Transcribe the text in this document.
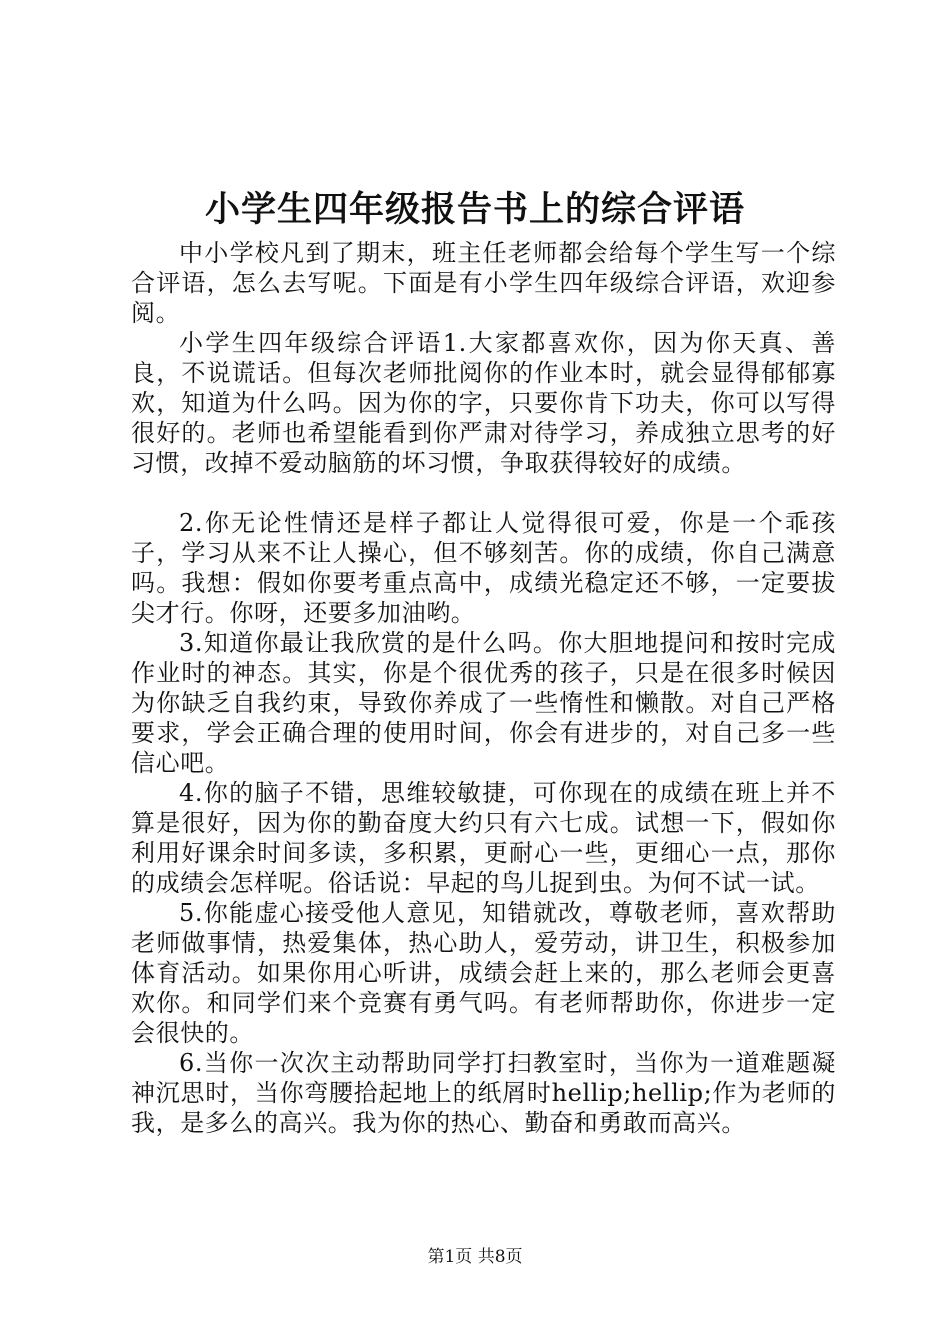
小学生四年级报告书上的综合评语

中小学校凡到了期末，班主任老师都会给每个学生写一个综合评语，怎么去写呢。下面是有小学生四年级综合评语，欢迎参阅。

小学生四年级综合评语1.大家都喜欢你，因为你天真、善良，不说谎话。但每次老师批阅你的作业本时，就会显得郁郁寡欢，知道为什么吗。因为你的字，只要你肯下功夫，你可以写得很好的。老师也希望能看到你严肃对待学习，养成独立思考的好习惯，改掉不爱动脑筋的坏习惯，争取获得较好的成绩。

2.你无论性情还是样子都让人觉得很可爱，你是一个乖孩子，学习从来不让人操心，但不够刻苦。你的成绩，你自己满意吗。我想：假如你要考重点高中，成绩光稳定还不够，一定要拔尖才行。你呀，还要多加油哟。

3.知道你最让我欣赏的是什么吗。你大胆地提问和按时完成作业时的神态。其实，你是个很优秀的孩子，只是在很多时候因为你缺乏自我约束，导致你养成了一些惰性和懒散。对自己严格要求，学会正确合理的使用时间，你会有进步的，对自己多一些信心吧。

4.你的脑子不错，思维较敏捷，可你现在的成绩在班上并不算是很好，因为你的勤奋度大约只有六七成。试想一下，假如你利用好课余时间多读，多积累，更耐心一些，更细心一点，那你的成绩会怎样呢。俗话说：早起的鸟儿捉到虫。为何不试一试。

5.你能虚心接受他人意见，知错就改，尊敬老师，喜欢帮助老师做事情，热爱集体，热心助人，爱劳动，讲卫生，积极参加体育活动。如果你用心听讲，成绩会赶上来的，那么老师会更喜欢你。和同学们来个竞赛有勇气吗。有老师帮助你，你进步一定会很快的。

6.当你一次次主动帮助同学打扫教室时，当你为一道难题凝神沉思时，当你弯腰拾起地上的纸屑时hellip;hellip;作为老师的我，是多么的高兴。我为你的热心、勤奋和勇敢而高兴。

第1页 共8页
